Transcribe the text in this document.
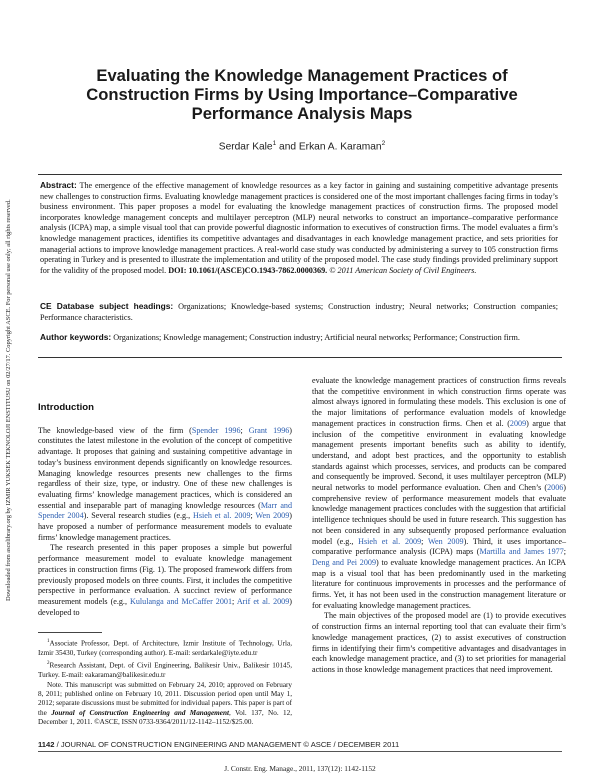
Downloaded from ascelibrary.org by IZMIR YUKSEK TEKNOLOJI ENSTITUSU on 02/27/17. Copyright ASCE. For personal use only; all rights reserved.
Evaluating the Knowledge Management Practices of
Construction Firms by Using Importance–Comparative
Performance Analysis Maps
Serdar Kale$^1$ and Erkan A. Karaman$^2$

Abstract: The emergence of the effective management of knowledge resources as a key factor in gaining and sustaining competitive advantage presents new challenges to construction firms. Evaluating knowledge management practices is considered one of the most important challenges facing firms in today’s business environment. This paper proposes a model for evaluating the knowledge management practices of construction firms. The proposed model incorporates knowledge management concepts and multilayer perceptron (MLP) neural networks to construct an importance–comparative performance analysis (ICPA) map, a simple visual tool that can provide powerful diagnostic information to executives of construction firms. The model evaluates a firm’s knowledge management practices, identifies its competitive advantages and disadvantages in each knowledge management practice, and sets priorities for managerial actions to improve knowledge management practices. A real-world case study was conducted by administering a survey to 105 construction firms operating in Turkey and is presented to illustrate the implementation and utility of the proposed model. The case study findings provided preliminary support for the validity of the proposed model. DOI: 10.1061/(ASCE)CO.1943-7862.0000369. © 2011 American Society of Civil Engineers.

CE Database subject headings: Organizations; Knowledge-based systems; Construction industry; Neural networks; Construction companies; Performance characteristics.

Author keywords: Organizations; Knowledge management; Construction industry; Artificial neural networks; Performance; Construction firm.

Introduction

The knowledge-based view of the firm (Spender 1996; Grant 1996) constitutes the latest milestone in the evolution of the concept of competitive advantage. It proposes that gaining and sustaining competitive advantage in today’s business environment depends significantly on knowledge resources. Managing knowledge resources presents new challenges to the firms regardless of their size, type, or industry. One of these new challenges is evaluating firms’ knowledge management practices, which is considered an essential and inseparable part of managing knowledge resources (Marr and Spender 2004). Several research studies (e.g., Hsieh et al. 2009; Wen 2009) have proposed a number of performance measurement models to evaluate firms’ knowledge management practices.

The research presented in this paper proposes a simple but powerful performance measurement model to evaluate knowledge management practices in construction firms (Fig. 1). The proposed framework differs from previously proposed models on three counts. First, it includes the competitive perspective in performance evaluation. A succinct review of performance measurement models (e.g., Kululanga and McCaffer 2001; Arif et al. 2009) developed to

$^1$Associate Professor, Dept. of Architecture, Izmir Institute of Technology, Urla, Izmir 35430, Turkey (corresponding author). E-mail: serdarkale@iyte.edu.tr

$^2$Research Assistant, Dept. of Civil Engineering, Balikesir Univ., Balikesir 10145, Turkey. E-mail: eakaraman@balikesir.edu.tr

Note. This manuscript was submitted on February 24, 2010; approved on February 8, 2011; published online on February 10, 2011. Discussion period open until May 1, 2012; separate discussions must be submitted for individual papers. This paper is part of the Journal of Construction Engineering and Management, Vol. 137, No. 12, December 1, 2011. ©ASCE, ISSN 0733-9364/2011/12-1142–1152/$25.00.

evaluate the knowledge management practices of construction firms reveals that the competitive environment in which construction firms operate was almost always ignored in formulating these models. This exclusion is one of the major limitations of performance evaluation models of knowledge management practices in construction firms. Chen et al. (2009) argue that inclusion of the competitive environment in evaluating knowledge management presents important benefits such as ability to identify, understand, and adopt best practices, and the opportunity to establish standards against which processes, services, and products can be compared and consequently be improved. Second, it uses multilayer perceptron (MLP) neural networks to model performance evaluation. Chen and Chen’s (2006) comprehensive review of performance measurement models that evaluate knowledge management practices concludes with the suggestion that artificial intelligence techniques should be used in future research. This suggestion has not been considered in any subsequently proposed performance evaluation model (e.g., Hsieh et al. 2009; Wen 2009). Third, it uses importance–comparative performance analysis (ICPA) maps (Martilla and James 1977; Deng and Pei 2009) to evaluate knowledge management practices. An ICPA map is a visual tool that has been predominantly used in the marketing literature for continuous improvements in processes and the performance of firms. Yet, it has not been used in the construction management literature or for evaluating knowledge management practices.

The main objectives of the proposed model are (1) to provide executives of construction firms an internal reporting tool that can evaluate their firm’s knowledge management practices, (2) to assist executives of construction firms in identifying their firm’s competitive advantages and disadvantages in each knowledge management practice, and (3) to set priorities for managerial actions in those knowledge management practices that need improvement.

1142 / JOURNAL OF CONSTRUCTION ENGINEERING AND MANAGEMENT © ASCE / DECEMBER 2011
J. Constr. Eng. Manage., 2011, 137(12): 1142-1152
